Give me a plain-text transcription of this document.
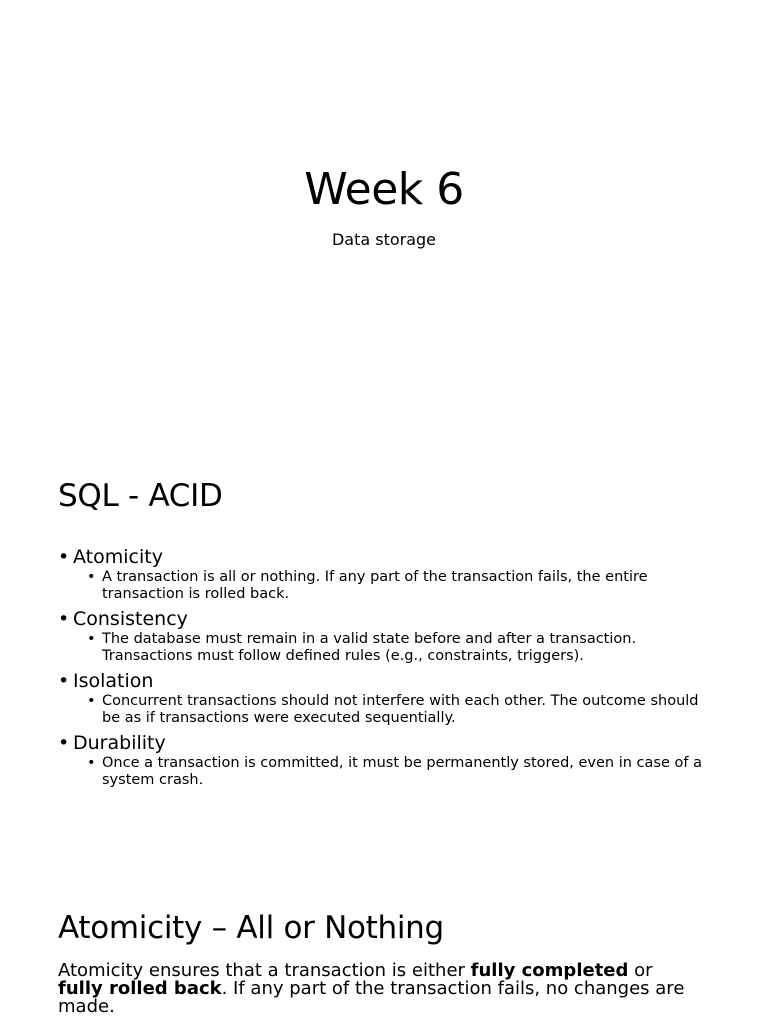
Week 6
Data storage
SQL - ACID
• Atomicity
• A transaction is all or nothing. If any part of the transaction fails, the entire transaction is rolled back.
• Consistency
• The database must remain in a valid state before and after a transaction. Transactions must follow defined rules (e.g., constraints, triggers).
• Isolation
• Concurrent transactions should not interfere with each other. The outcome should be as if transactions were executed sequentially.
• Durability
• Once a transaction is committed, it must be permanently stored, even in case of a system crash.
Atomicity – All or Nothing
Atomicity ensures that a transaction is either fully completed or fully rolled back. If any part of the transaction fails, no changes are made.
